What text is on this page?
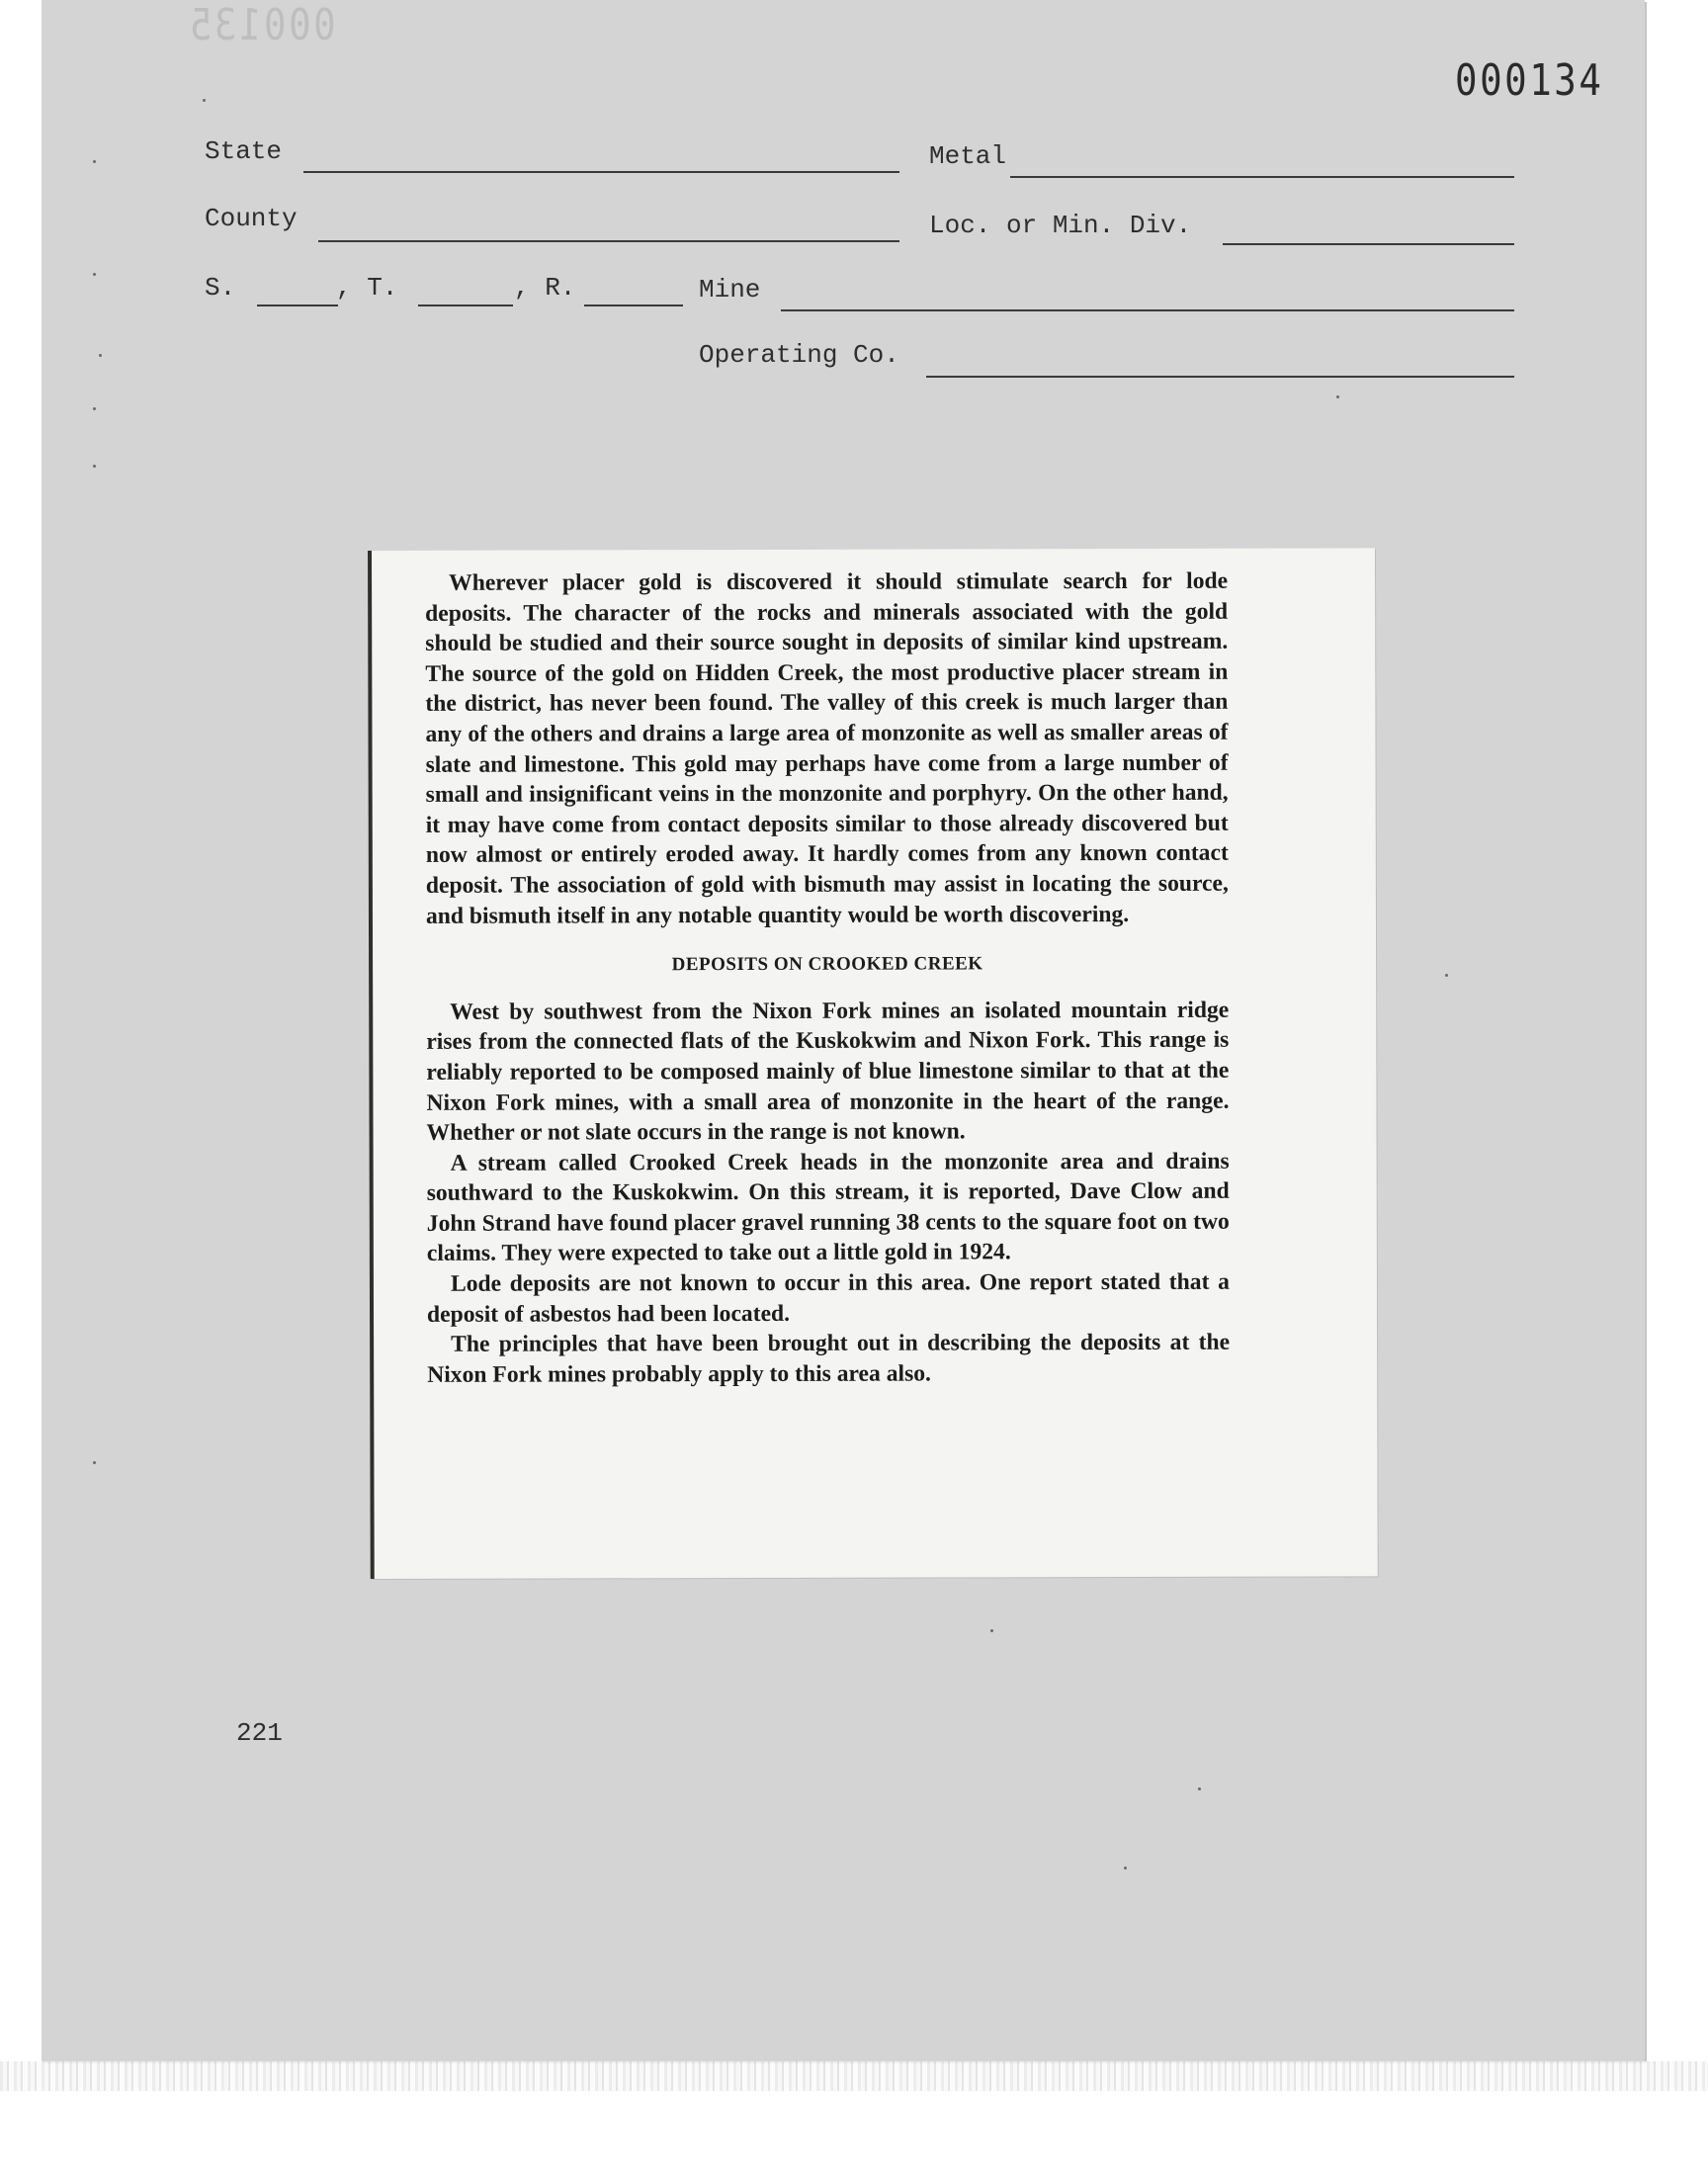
000135
000134
State	Metal
County	Loc. or Min. Div.
S.	, T.	, R.	Mine
Operating Co.

Wherever placer gold is discovered it should stimulate search for lode deposits. The character of the rocks and minerals associated with the gold should be studied and their source sought in deposits of similar kind upstream. The source of the gold on Hidden Creek, the most productive placer stream in the district, has never been found. The valley of this creek is much larger than any of the others and drains a large area of monzonite as well as smaller areas of slate and limestone. This gold may perhaps have come from a large number of small and insignificant veins in the monzonite and porphyry. On the other hand, it may have come from contact deposits similar to those already discovered but now almost or entirely eroded away. It hardly comes from any known contact deposit. The association of gold with bismuth may assist in locating the source, and bismuth itself in any notable quantity would be worth discovering.

DEPOSITS ON CROOKED CREEK

West by southwest from the Nixon Fork mines an isolated mountain ridge rises from the connected flats of the Kuskokwim and Nixon Fork. This range is reliably reported to be composed mainly of blue limestone similar to that at the Nixon Fork mines, with a small area of monzonite in the heart of the range. Whether or not slate occurs in the range is not known.

A stream called Crooked Creek heads in the monzonite area and drains southward to the Kuskokwim. On this stream, it is reported, Dave Clow and John Strand have found placer gravel running 38 cents to the square foot on two claims. They were expected to take out a little gold in 1924.

Lode deposits are not known to occur in this area. One report stated that a deposit of asbestos had been located.

The principles that have been brought out in describing the deposits at the Nixon Fork mines probably apply to this area also.

221
